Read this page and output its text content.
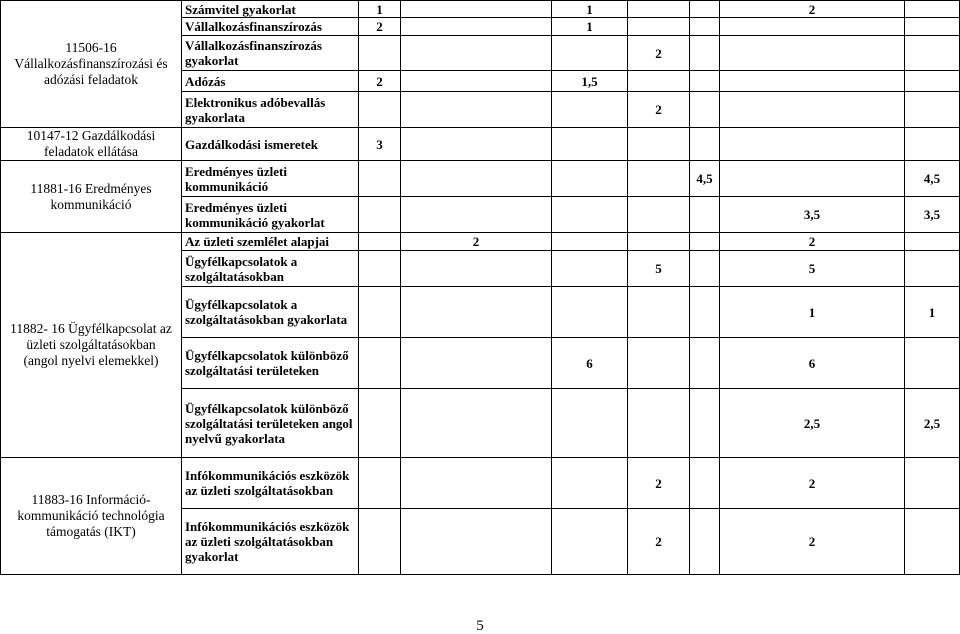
11506-16 Vállalkozásfinanszírozási és adózási feladatok	Számvitel gyakorlat	1		1			2	
	Vállalkozásfinanszírozás	2		1				
	Vállalkozásfinanszírozás gyakorlat				2			
	Adózás	2		1,5				
	Elektronikus adóbevallás gyakorlata				2			
10147-12 Gazdálkodási feladatok ellátása	Gazdálkodási ismeretek	3						
11881-16 Eredményes kommunikáció	Eredményes üzleti kommunikáció					4,5		4,5
	Eredményes üzleti kommunikáció gyakorlat						3,5	3,5
11882- 16 Ügyfélkapcsolat az üzleti szolgáltatásokban (angol nyelvi elemekkel)	Az üzleti szemlélet alapjai		2				2	
	Ügyfélkapcsolatok a szolgáltatásokban				5		5	
	Ügyfélkapcsolatok a szolgáltatásokban gyakorlata						1	1
	Ügyfélkapcsolatok különböző szolgáltatási területeken			6			6	
	Ügyfélkapcsolatok különböző szolgáltatási területeken angol nyelvű gyakorlata						2,5	2,5
11883-16 Információ-kommunikáció technológia támogatás (IKT)	Infókommunikációs eszközök az üzleti szolgáltatásokban				2		2	
	Infókommunikációs eszközök az üzleti szolgáltatásokban gyakorlat				2		2	
5
